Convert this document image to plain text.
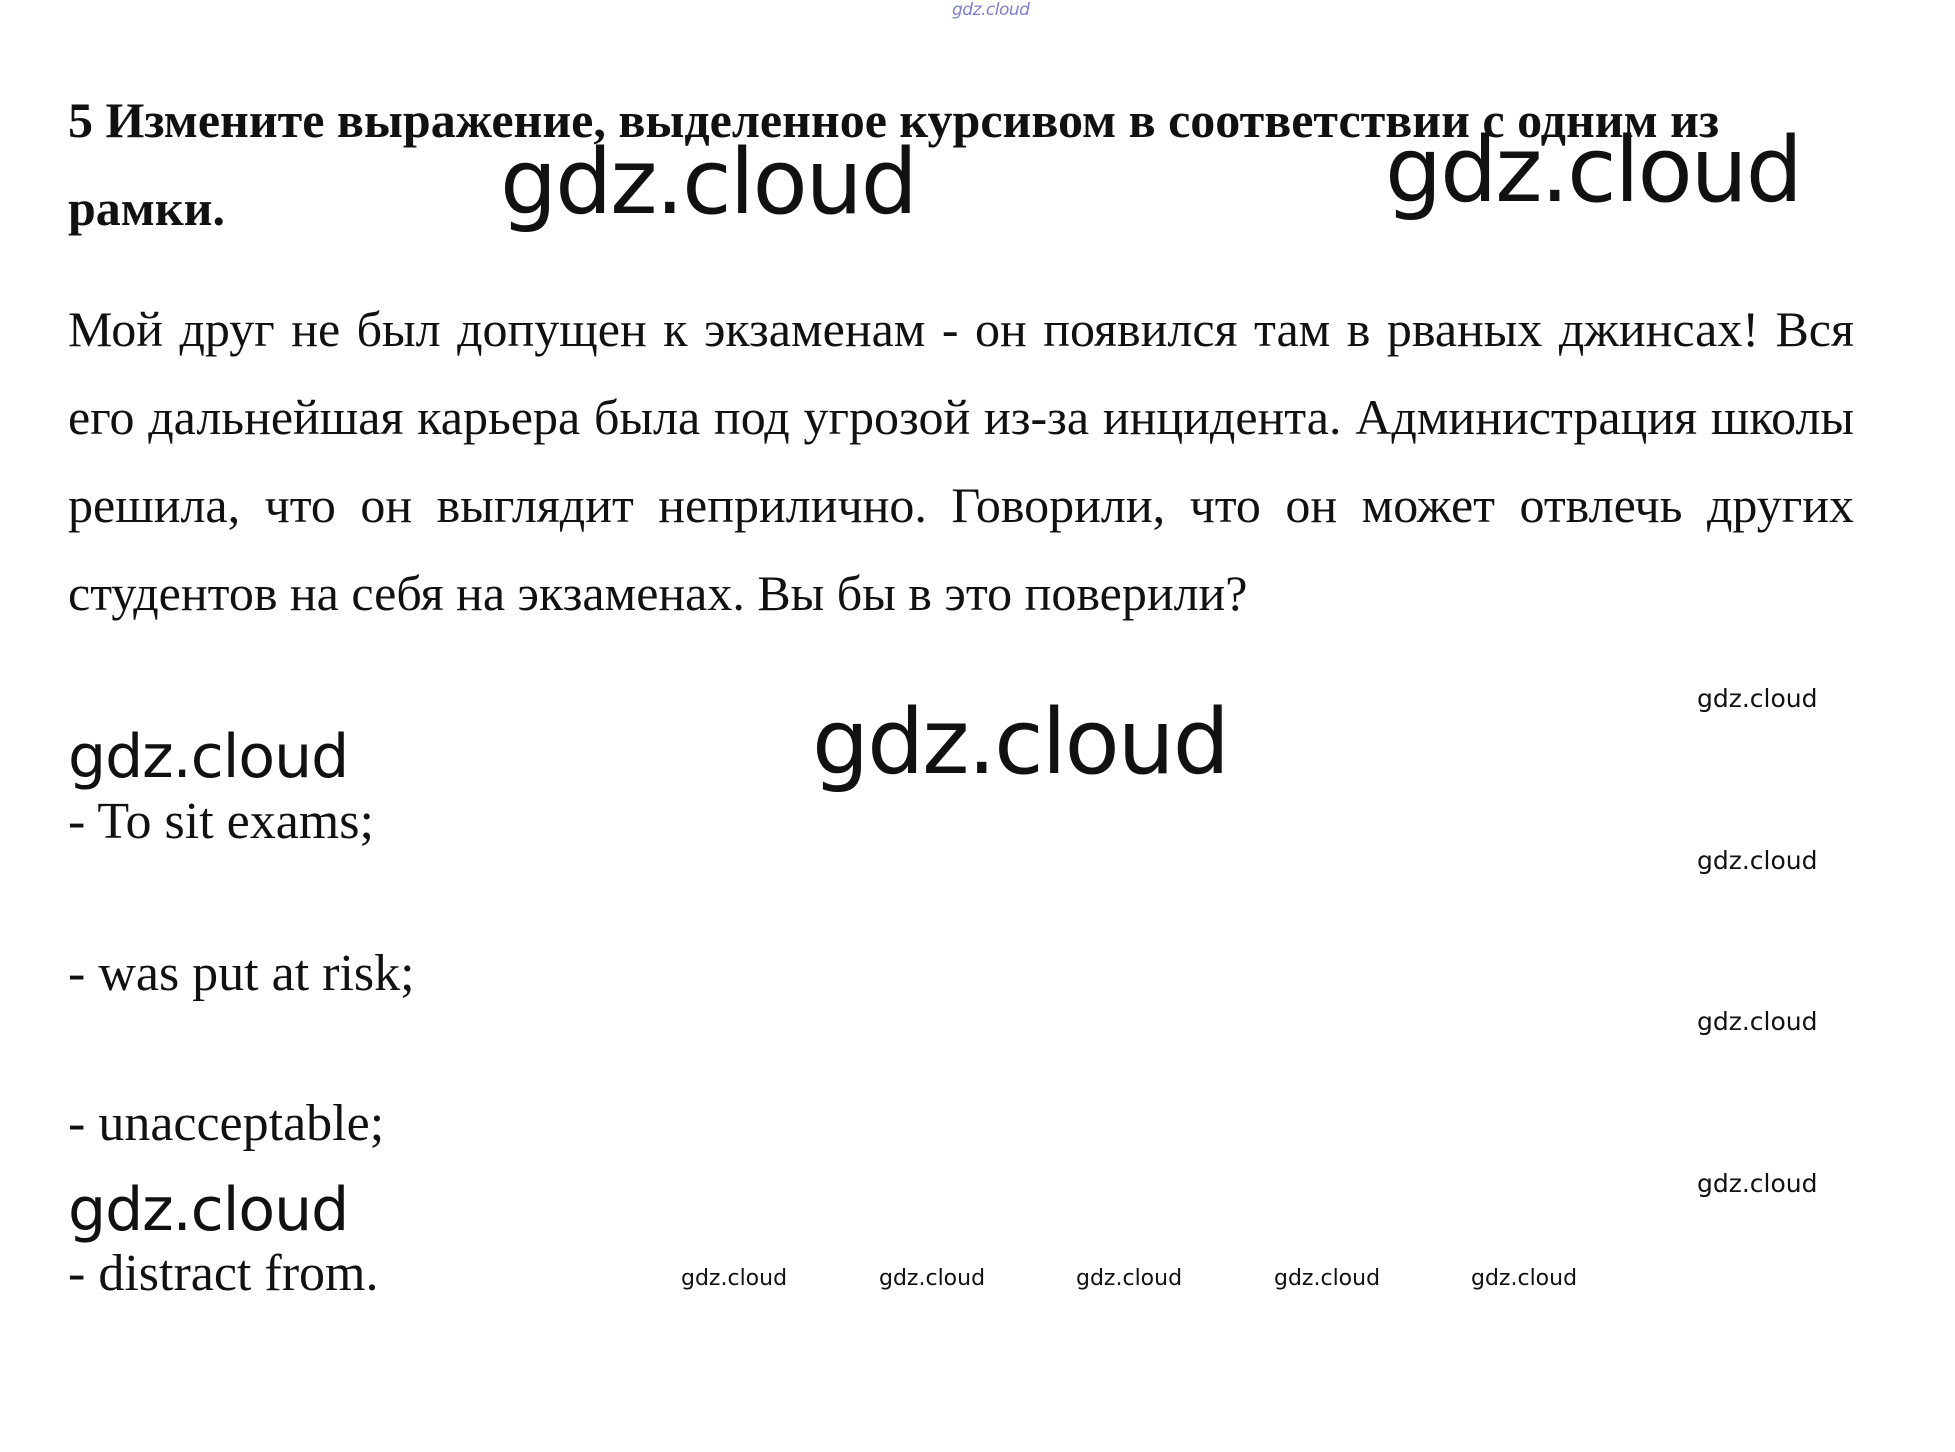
gdz.cloud

5 Измените выражение, выделенное курсивом в соответствии с одним из рамки.

Мой друг не был допущен к экзаменам - он появился там в рваных джинсах! Вся его дальнейшая карьера была под угрозой из-за инцидента. Администрация школы решила, что он выглядит неприлично. Говорили, что он может отвлечь других студентов на себя на экзаменах. Вы бы в это поверили?

- To sit exams;

- was put at risk;

- unacceptable;

- distract from.

gdz.cloud	gdz.cloud
gdz.cloud
gdz.cloud
gdz.cloud
gdz.cloud
gdz.cloud
gdz.cloud
gdz.cloud
gdz.cloud	gdz.cloud	gdz.cloud	gdz.cloud	gdz.cloud
